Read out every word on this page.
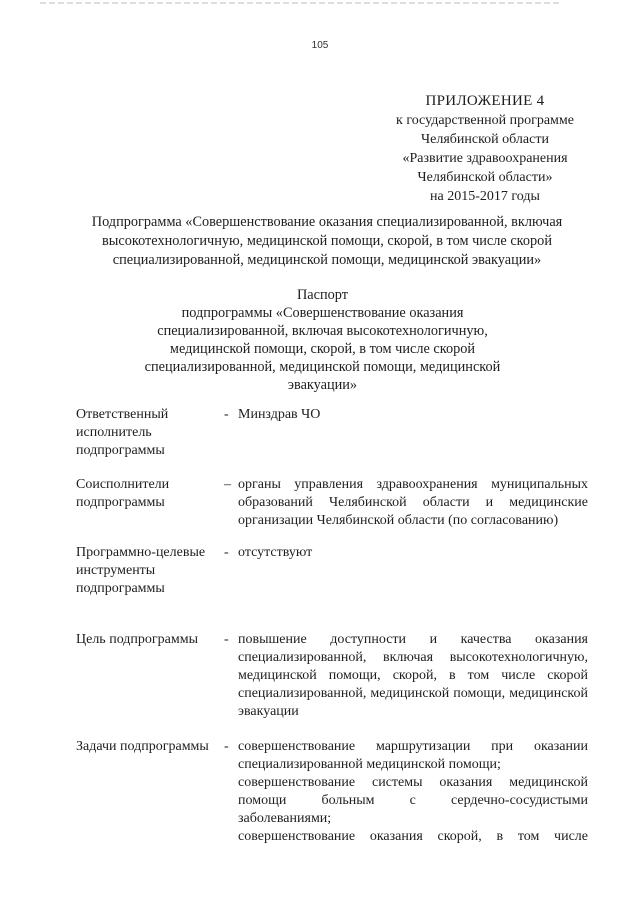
105
ПРИЛОЖЕНИЕ 4
к государственной программе
Челябинской области
«Развитие здравоохранения
Челябинской области»
на 2015-2017 годы
Подпрограмма «Совершенствование оказания специализированной, включая высокотехнологичную, медицинской помощи, скорой, в том числе скорой специализированной, медицинской помощи, медицинской эвакуации»
Паспорт
подпрограммы «Совершенствование оказания специализированной, включая высокотехнологичную, медицинской помощи, скорой, в том числе скорой специализированной, медицинской помощи, медицинской эвакуации»
Ответственный исполнитель подпрограммы
- Минздрав ЧО
Соисполнители подпрограммы
– органы управления здравоохранения муниципальных образований Челябинской области и медицинские организации Челябинской области (по согласованию)
Программно-целевые инструменты подпрограммы
- отсутствуют
Цель подпрограммы	- повышение доступности и качества оказания специализированной, включая высокотехнологичную, медицинской помощи, скорой, в том числе скорой специализированной, медицинской помощи, медицинской эвакуации
Задачи подпрограммы	- совершенствование маршрутизации при оказании специализированной медицинской помощи;
совершенствование системы оказания медицинской помощи больным с сердечно-сосудистыми заболеваниями;
совершенствование оказания скорой, в том числе
